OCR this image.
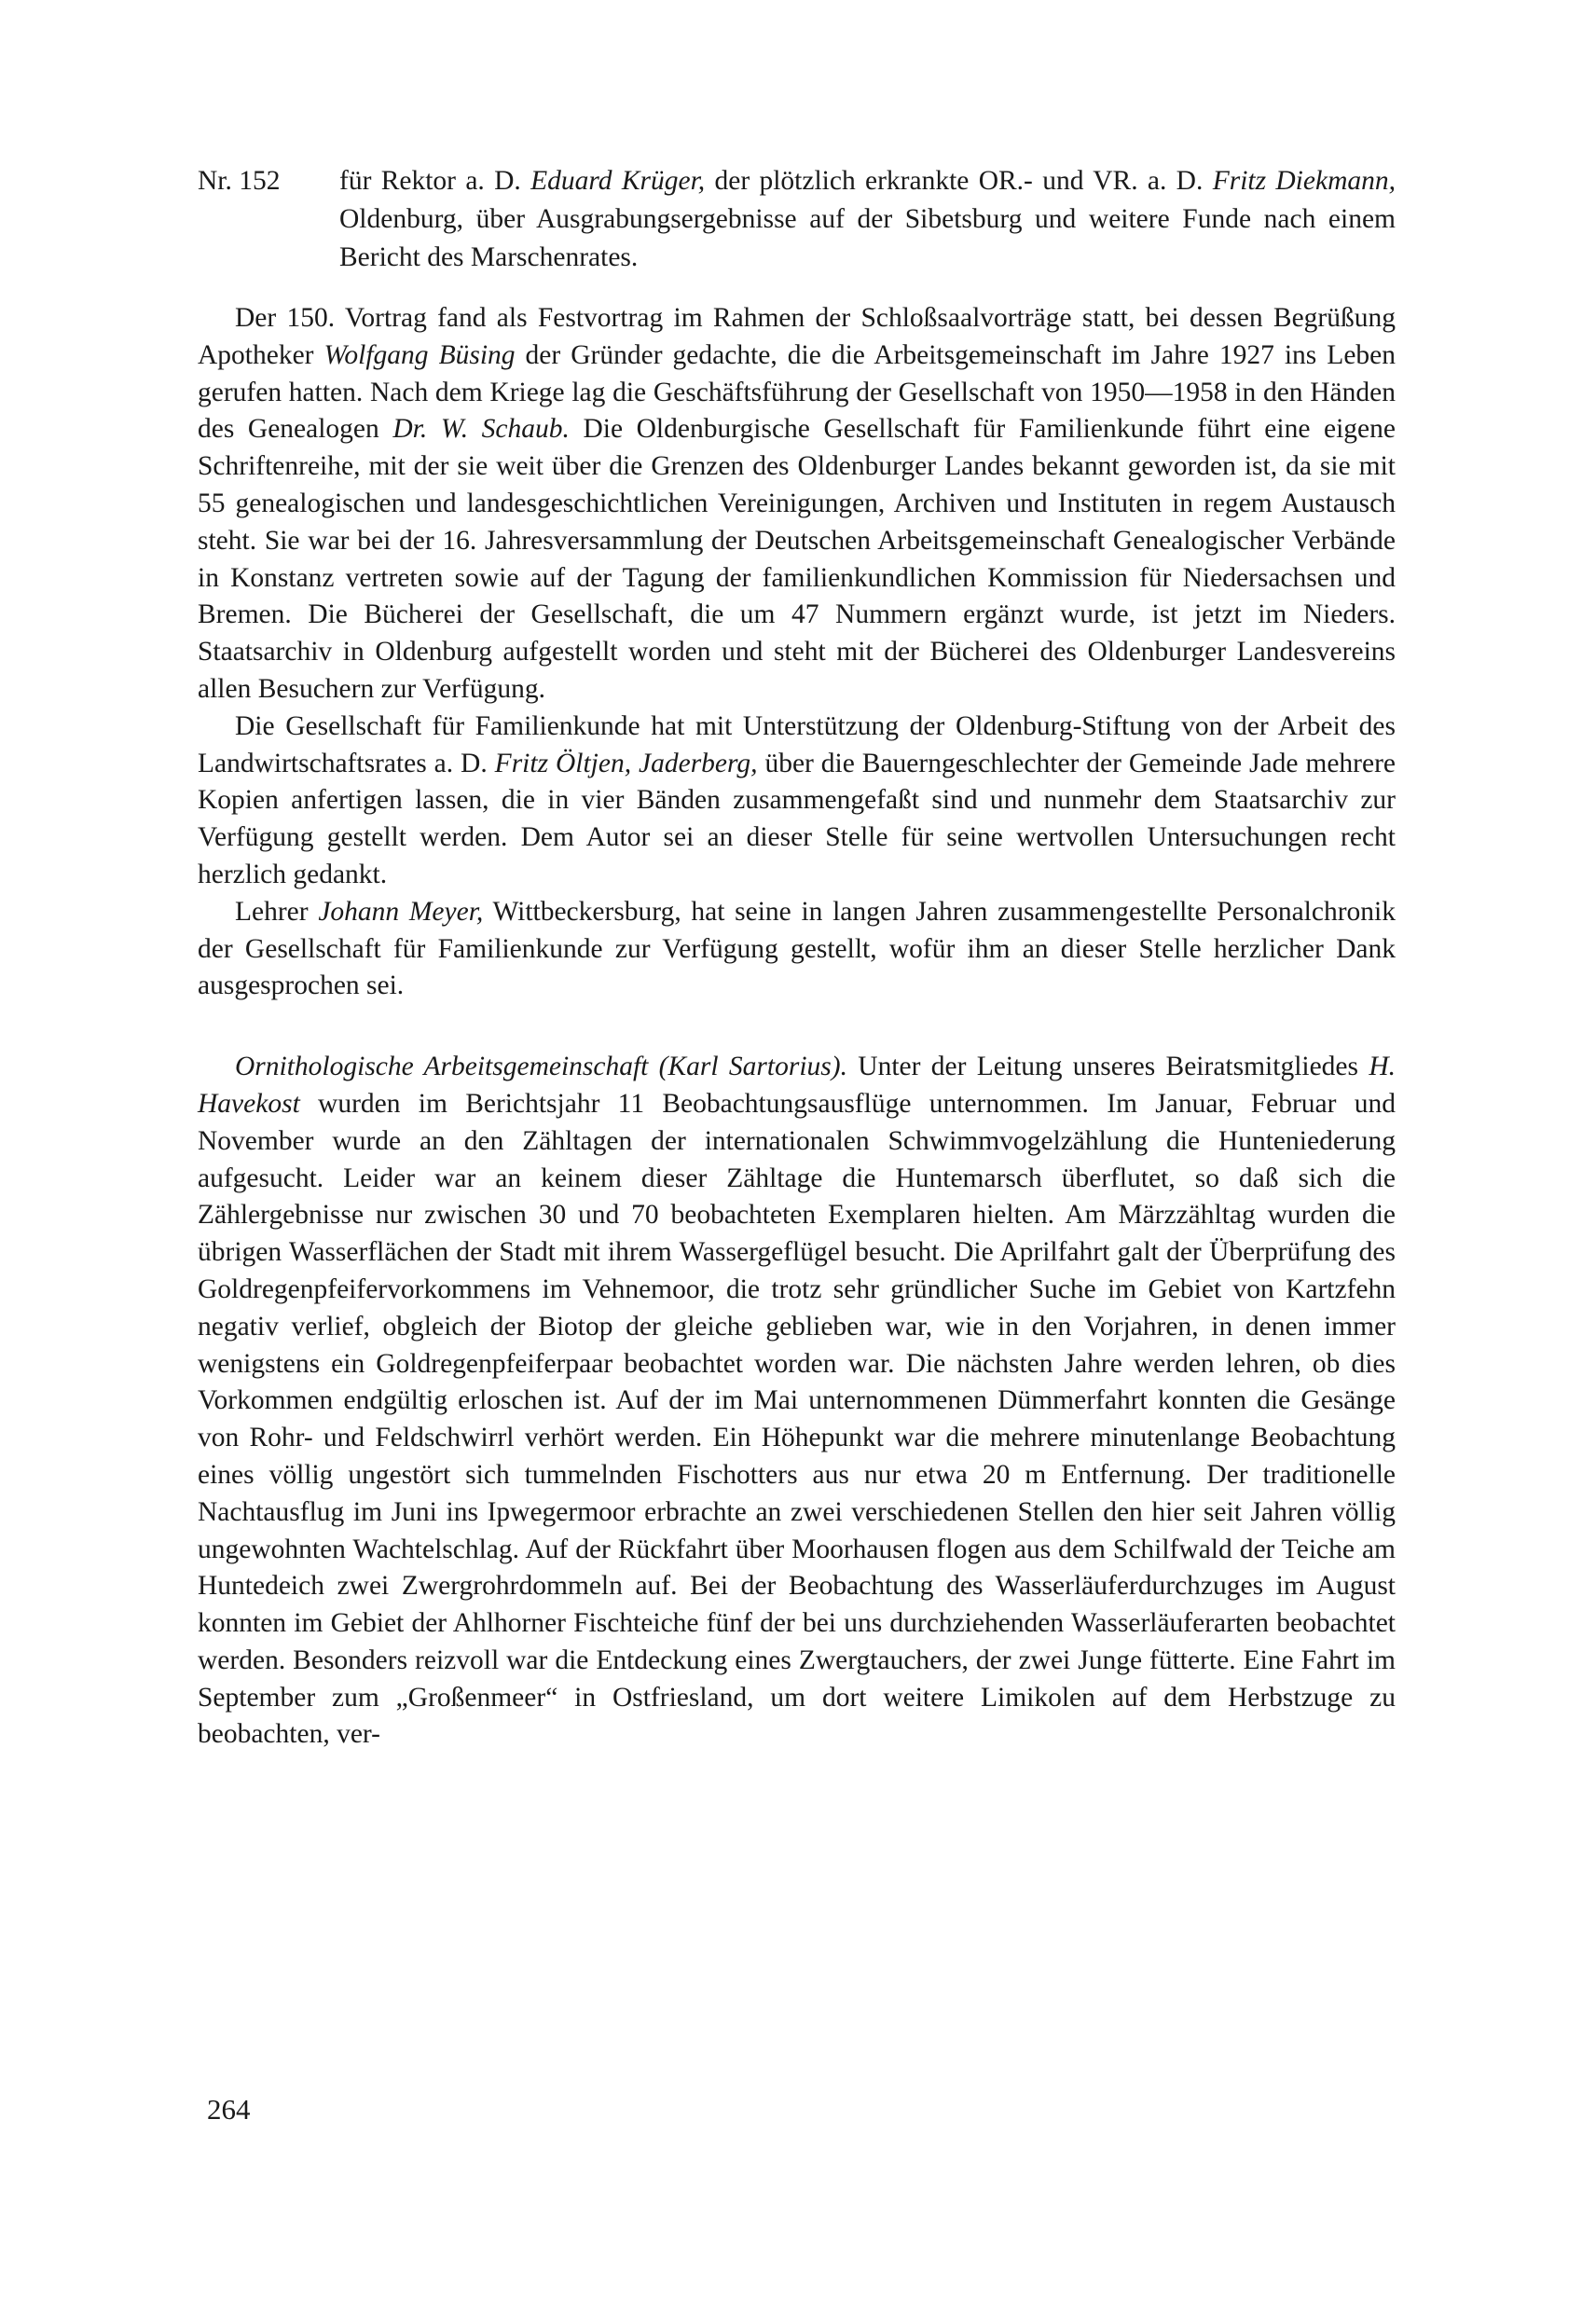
Nr. 152	für Rektor a. D. Eduard Krüger, der plötzlich erkrankte OR.- und VR. a. D. Fritz Diekmann, Oldenburg, über Ausgrabungsergebnisse auf der Sibetsburg und weitere Funde nach einem Bericht des Marschenrates.

Der 150. Vortrag fand als Festvortrag im Rahmen der Schloßsaalvorträge statt, bei dessen Begrüßung Apotheker Wolfgang Büsing der Gründer gedachte, die die Arbeitsgemeinschaft im Jahre 1927 ins Leben gerufen hatten. Nach dem Kriege lag die Geschäftsführung der Gesellschaft von 1950—1958 in den Händen des Genealogen Dr. W. Schaub. Die Oldenburgische Gesellschaft für Familienkunde führt eine eigene Schriftenreihe, mit der sie weit über die Grenzen des Oldenburger Landes bekannt geworden ist, da sie mit 55 genealogischen und landesgeschichtlichen Vereinigungen, Archiven und Instituten in regem Austausch steht. Sie war bei der 16. Jahresversammlung der Deutschen Arbeitsgemeinschaft Genealogischer Verbände in Konstanz vertreten sowie auf der Tagung der familienkundlichen Kommission für Niedersachsen und Bremen. Die Bücherei der Gesellschaft, die um 47 Nummern ergänzt wurde, ist jetzt im Nieders. Staatsarchiv in Oldenburg aufgestellt worden und steht mit der Bücherei des Oldenburger Landesvereins allen Besuchern zur Verfügung.

Die Gesellschaft für Familienkunde hat mit Unterstützung der Oldenburg-Stiftung von der Arbeit des Landwirtschaftsrates a. D. Fritz Öltjen, Jaderberg, über die Bauerngeschlechter der Gemeinde Jade mehrere Kopien anfertigen lassen, die in vier Bänden zusammengefaßt sind und nunmehr dem Staatsarchiv zur Verfügung gestellt werden. Dem Autor sei an dieser Stelle für seine wertvollen Untersuchungen recht herzlich gedankt.

Lehrer Johann Meyer, Wittbeckersburg, hat seine in langen Jahren zusammengestellte Personalchronik der Gesellschaft für Familienkunde zur Verfügung gestellt, wofür ihm an dieser Stelle herzlicher Dank ausgesprochen sei.

Ornithologische Arbeitsgemeinschaft (Karl Sartorius). Unter der Leitung unseres Beiratsmitgliedes H. Havekost wurden im Berichtsjahr 11 Beobachtungsausflüge unternommen. Im Januar, Februar und November wurde an den Zähltagen der internationalen Schwimmvogelzählung die Hunteniederung aufgesucht. Leider war an keinem dieser Zähltage die Huntemarsch überflutet, so daß sich die Zählergebnisse nur zwischen 30 und 70 beobachteten Exemplaren hielten. Am Märzzähltag wurden die übrigen Wasserflächen der Stadt mit ihrem Wassergeflügel besucht. Die Aprilfahrt galt der Überprüfung des Goldregenpfeifervorkommens im Vehnemoor, die trotz sehr gründlicher Suche im Gebiet von Kartzfehn negativ verlief, obgleich der Biotop der gleiche geblieben war, wie in den Vorjahren, in denen immer wenigstens ein Goldregenpfeiferpaar beobachtet worden war. Die nächsten Jahre werden lehren, ob dies Vorkommen endgültig erloschen ist. Auf der im Mai unternommenen Dümmerfahrt konnten die Gesänge von Rohr- und Feldschwirrl verhört werden. Ein Höhepunkt war die mehrere minutenlange Beobachtung eines völlig ungestört sich tummelnden Fischotters aus nur etwa 20 m Entfernung. Der traditionelle Nachtausflug im Juni ins Ipwegermoor erbrachte an zwei verschiedenen Stellen den hier seit Jahren völlig ungewohnten Wachtelschlag. Auf der Rückfahrt über Moorhausen flogen aus dem Schilfwald der Teiche am Huntedeich zwei Zwergrohrdommeln auf. Bei der Beobachtung des Wasserläuferdurchzuges im August konnten im Gebiet der Ahlhorner Fischteiche fünf der bei uns durchziehenden Wasserläuferarten beobachtet werden. Besonders reizvoll war die Entdeckung eines Zwergtauchers, der zwei Junge fütterte. Eine Fahrt im September zum „Großenmeer“ in Ostfriesland, um dort weitere Limikolen auf dem Herbstzuge zu beobachten, ver-

264
